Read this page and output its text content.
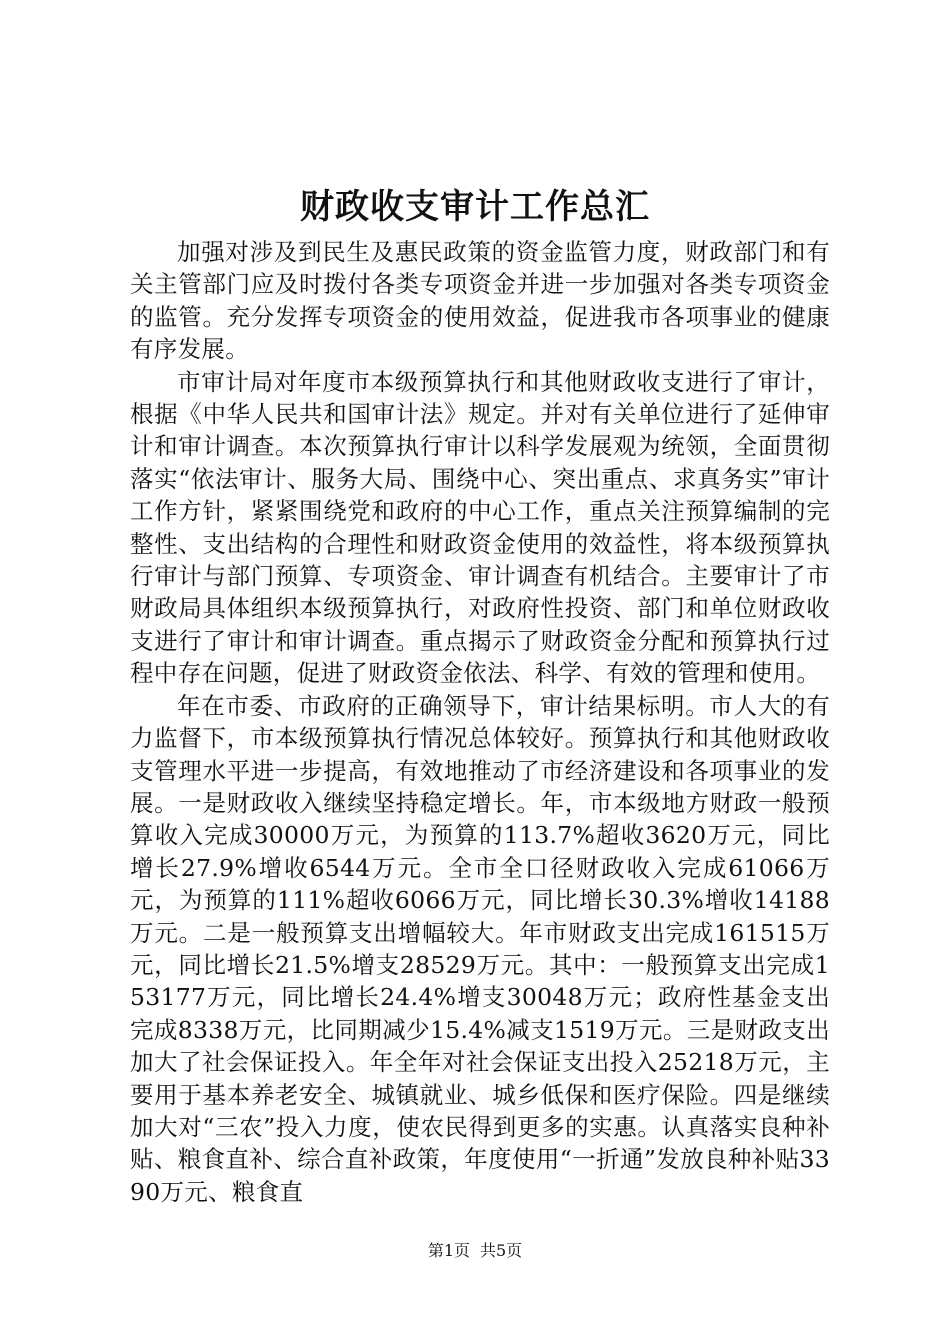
财政收支审计工作总汇

加强对涉及到民生及惠民政策的资金监管力度，财政部门和有关主管部门应及时拨付各类专项资金并进一步加强对各类专项资金的监管。充分发挥专项资金的使用效益，促进我市各项事业的健康有序发展。

市审计局对年度市本级预算执行和其他财政收支进行了审计，根据《中华人民共和国审计法》规定。并对有关单位进行了延伸审计和审计调查。本次预算执行审计以科学发展观为统领，全面贯彻落实“依法审计、服务大局、围绕中心、突出重点、求真务实”审计工作方针，紧紧围绕党和政府的中心工作，重点关注预算编制的完整性、支出结构的合理性和财政资金使用的效益性，将本级预算执行审计与部门预算、专项资金、审计调查有机结合。主要审计了市财政局具体组织本级预算执行，对政府性投资、部门和单位财政收支进行了审计和审计调查。重点揭示了财政资金分配和预算执行过程中存在问题，促进了财政资金依法、科学、有效的管理和使用。

年在市委、市政府的正确领导下，审计结果标明。市人大的有力监督下，市本级预算执行情况总体较好。预算执行和其他财政收支管理水平进一步提高，有效地推动了市经济建设和各项事业的发展。一是财政收入继续坚持稳定增长。年，市本级地方财政一般预算收入完成30000万元，为预算的113.7%超收3620万元，同比增长27.9%增收6544万元。全市全口径财政收入完成61066万元，为预算的111%超收6066万元，同比增长30.3%增收14188万元。二是一般预算支出增幅较大。年市财政支出完成161515万元，同比增长21.5%增支28529万元。其中：一般预算支出完成153177万元，同比增长24.4%增支30048万元；政府性基金支出完成8338万元，比同期减少15.4%减支1519万元。三是财政支出加大了社会保证投入。年全年对社会保证支出投入25218万元，主要用于基本养老安全、城镇就业、城乡低保和医疗保险。四是继续加大对“三农”投入力度，使农民得到更多的实惠。认真落实良种补贴、粮食直补、综合直补政策，年度使用“一折通”发放良种补贴3390万元、粮食直

第1页 共5页
